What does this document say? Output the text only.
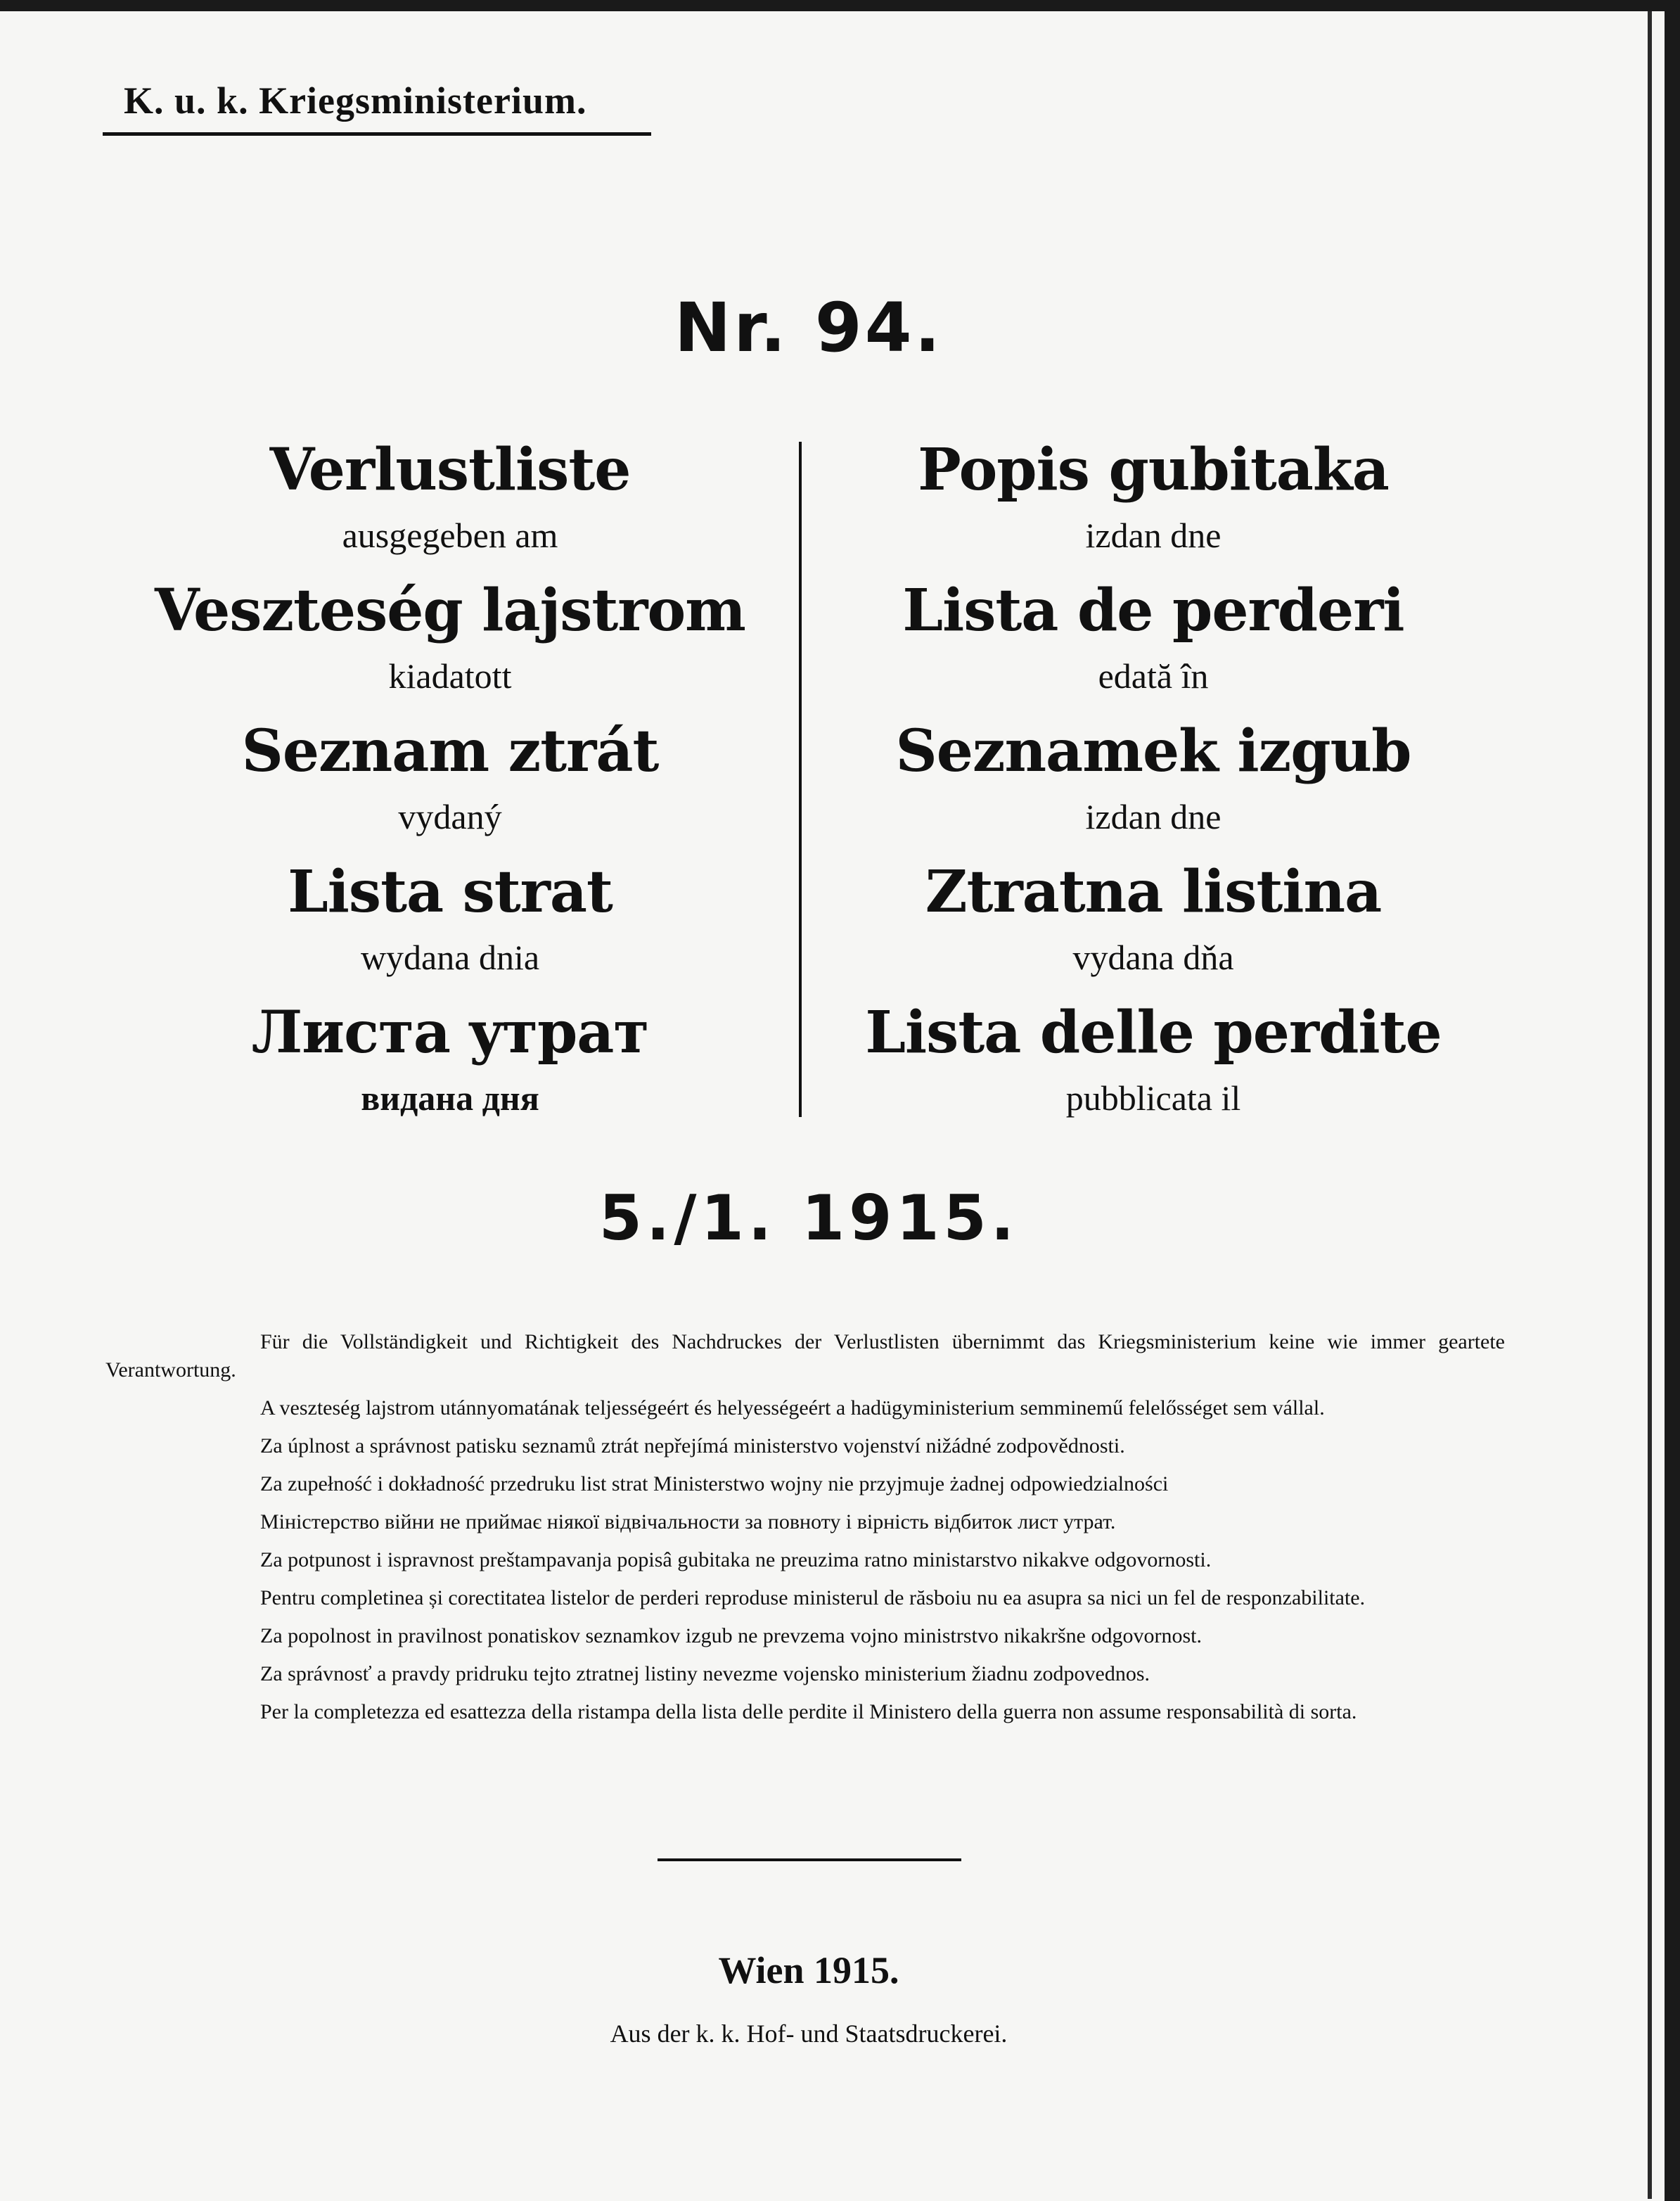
K. u. k. Kriegsministerium.
Nr. 94.
Verlustliste
ausgegeben am
Veszteség lajstrom
kiadatott
Seznam ztrát
vydaný
Lista strat
wydana dnia
Лиcтa yтpaт
видана дня
Popis gubitaka
izdan dne
Lista de perderi
edată în
Seznamek izgub
izdan dne
Ztratna listina
vydana dňa
Lista delle perdite
pubblicata il
5./1. 1915.

Für die Vollständigkeit und Richtigkeit des Nachdruckes der Verlustlisten übernimmt das Kriegsministerium keine wie immer geartete Verantwortung.

A veszteség lajstrom utánnyomatának teljességeért és helyességeért a hadügyministerium semminemű felelősséget sem vállal.

Za úplnost a správnost patisku seznamů ztrát nepřejímá ministerstvo vojenství nižádné zodpovědnosti.

Za zupełność i dokładność przedruku list strat Ministerstwo wojny nie przyjmuje żadnej odpowiedzialności

Міністерство війни не приймає ніякої відвічальности за повноту і вірність відбиток лист утрат.

Za potpunost i ispravnost preštampavanja popisâ gubitaka ne preuzima ratno ministarstvo nikakve odgovornosti.

Pentru completinea și corectitatea listelor de perderi reproduse ministerul de răsboiu nu ea asupra sa nici un fel de responzabilitate.

Za popolnost in pravilnost ponatiskov seznamkov izgub ne prevzema vojno ministrstvo nikakršne odgovornost.

Za správnosť a pravdy pridruku tejto ztratnej listiny nevezme vojensko ministerium žiadnu zodpovednos.

Per la completezza ed esattezza della ristampa della lista delle perdite il Ministero della guerra non assume responsabilità di sorta.

Wien 1915.
Aus der k. k. Hof- und Staatsdruckerei.
